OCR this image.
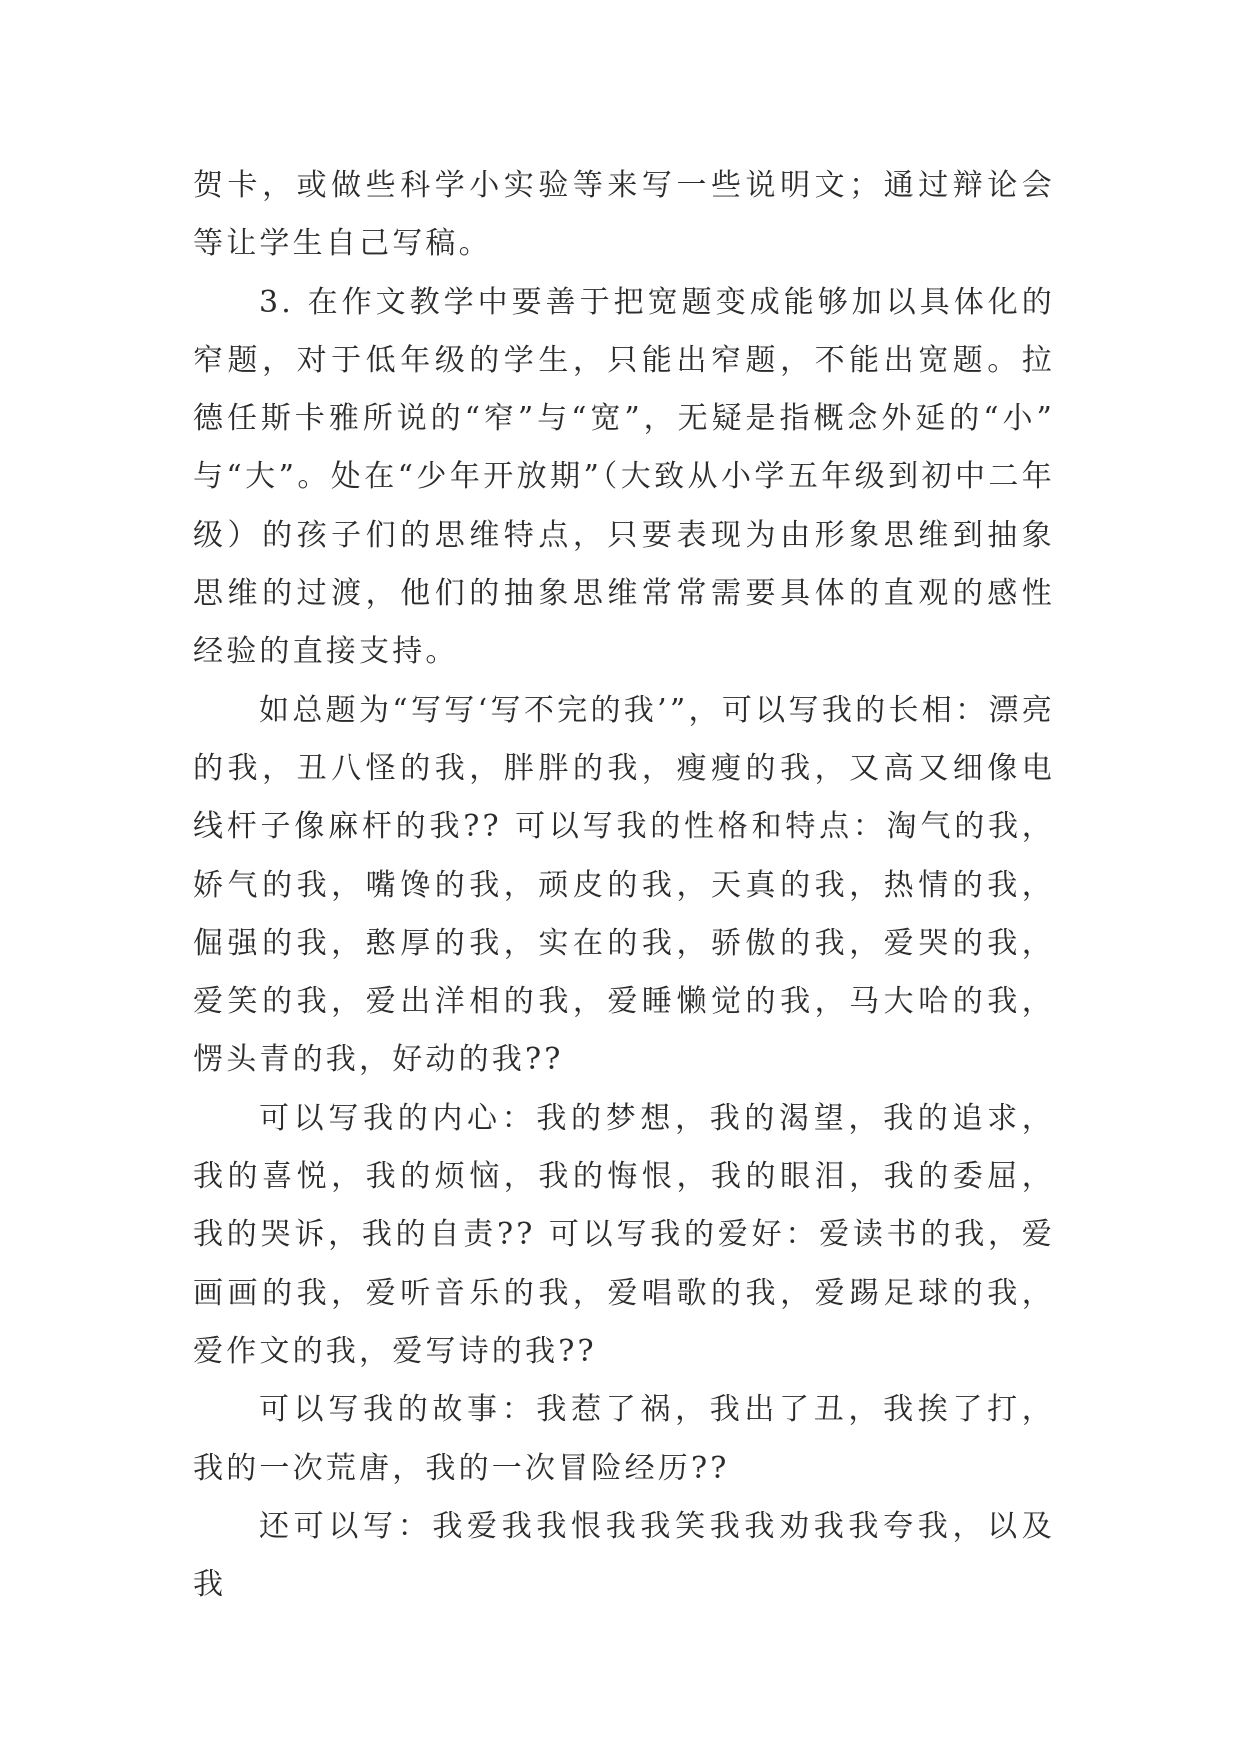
贺卡，或做些科学小实验等来写一些说明文；通过辩论会等让学生自己写稿。

3. 在作文教学中要善于把宽题变成能够加以具体化的窄题，对于低年级的学生，只能出窄题，不能出宽题。拉德任斯卡雅所说的“窄”与“宽”，无疑是指概念外延的“小”与“大”。处在“少年开放期”（大致从小学五年级到初中二年级）的孩子们的思维特点，只要表现为由形象思维到抽象思维的过渡，他们的抽象思维常常需要具体的直观的感性经验的直接支持。

如总题为“写写‘写不完的我’”，可以写我的长相：漂亮的我，丑八怪的我，胖胖的我，瘦瘦的我，又高又细像电线杆子像麻杆的我?? 可以写我的性格和特点：淘气的我，娇气的我，嘴馋的我，顽皮的我，天真的我，热情的我，倔强的我，憨厚的我，实在的我，骄傲的我，爱哭的我，爱笑的我，爱出洋相的我，爱睡懒觉的我，马大哈的我，愣头青的我，好动的我??

可以写我的内心：我的梦想，我的渴望，我的追求，我的喜悦，我的烦恼，我的悔恨，我的眼泪，我的委屈，我的哭诉，我的自责?? 可以写我的爱好：爱读书的我，爱画画的我，爱听音乐的我，爱唱歌的我，爱踢足球的我，爱作文的我，爱写诗的我??

可以写我的故事：我惹了祸，我出了丑，我挨了打，我的一次荒唐，我的一次冒险经历??

还可以写：我爱我我恨我我笑我我劝我我夸我，以及我
